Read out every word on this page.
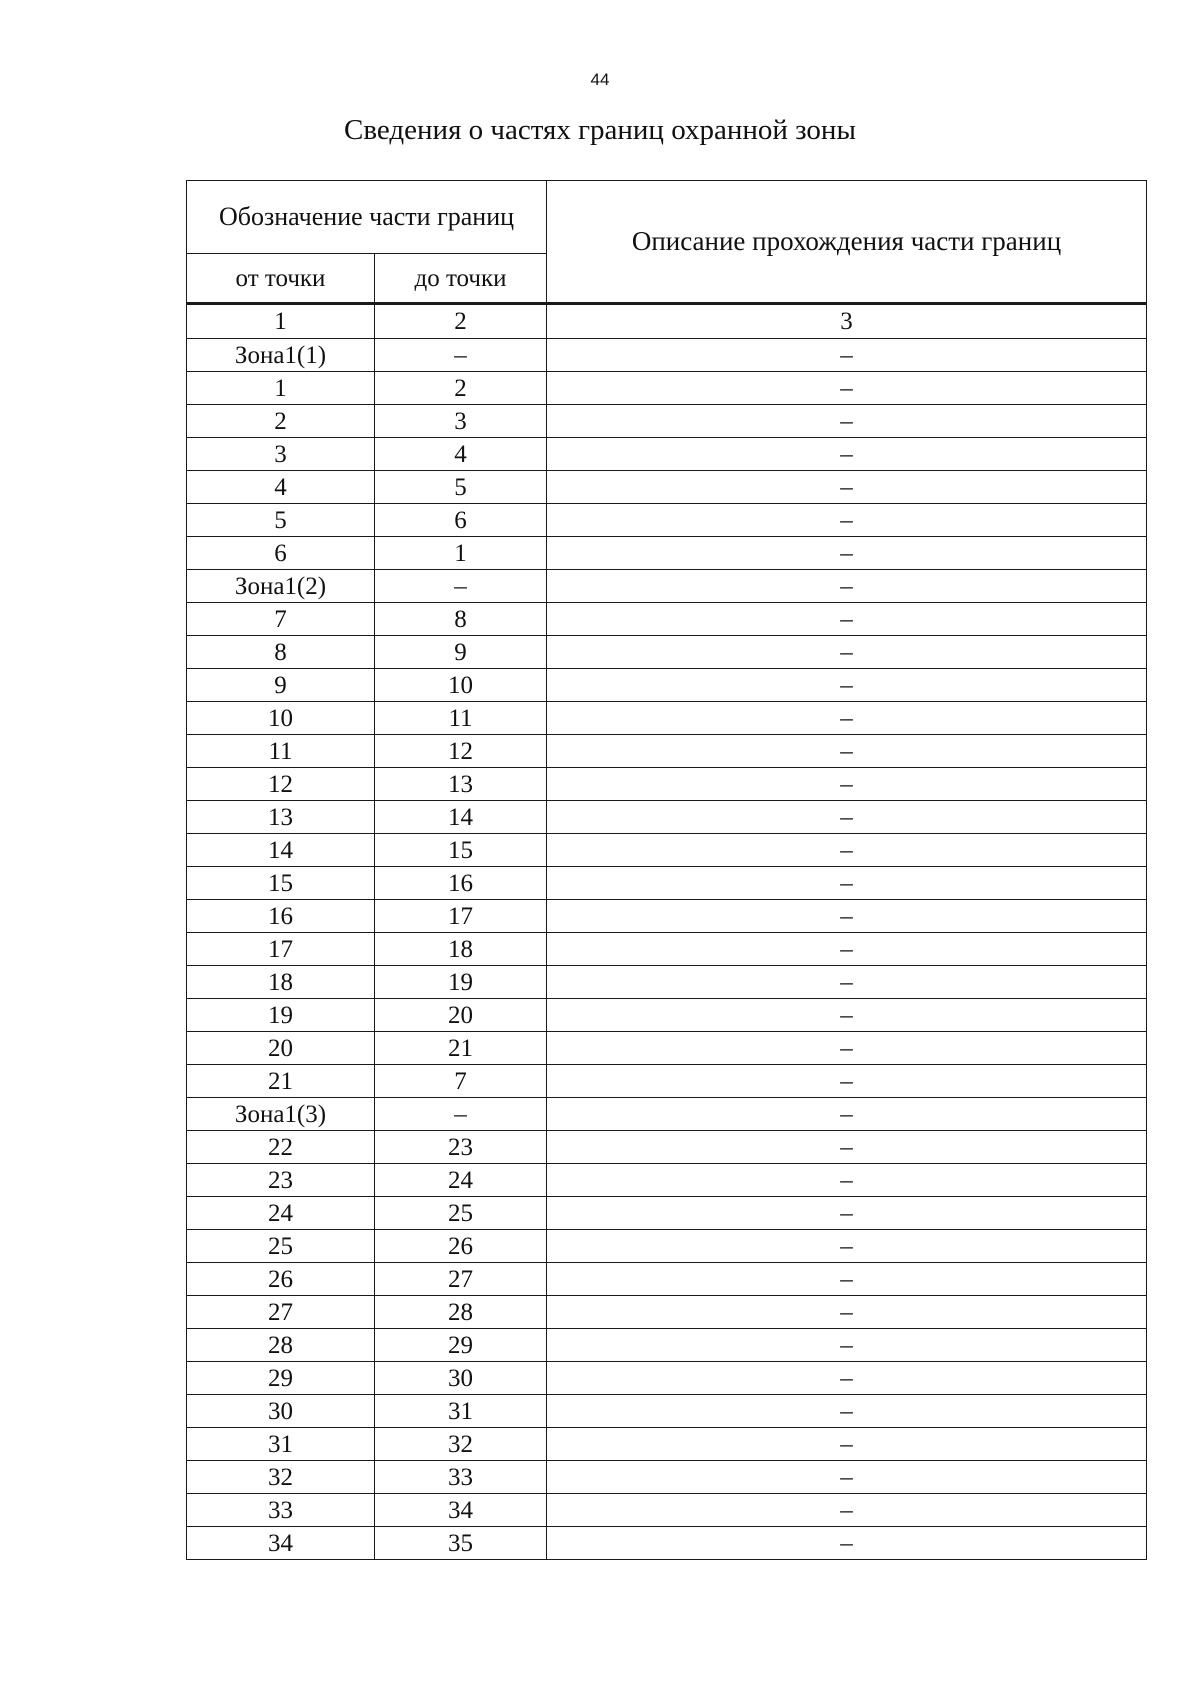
44
Сведения о частях границ охранной зоны
Обозначение части границ		Описание прохождения части границ
от точки	до точки	
1	2	3
Зона1(1)	–	–
1	2	–
2	3	–
3	4	–
4	5	–
5	6	–
6	1	–
Зона1(2)	–	–
7	8	–
8	9	–
9	10	–
10	11	–
11	12	–
12	13	–
13	14	–
14	15	–
15	16	–
16	17	–
17	18	–
18	19	–
19	20	–
20	21	–
21	7	–
Зона1(3)	–	–
22	23	–
23	24	–
24	25	–
25	26	–
26	27	–
27	28	–
28	29	–
29	30	–
30	31	–
31	32	–
32	33	–
33	34	–
34	35	–
